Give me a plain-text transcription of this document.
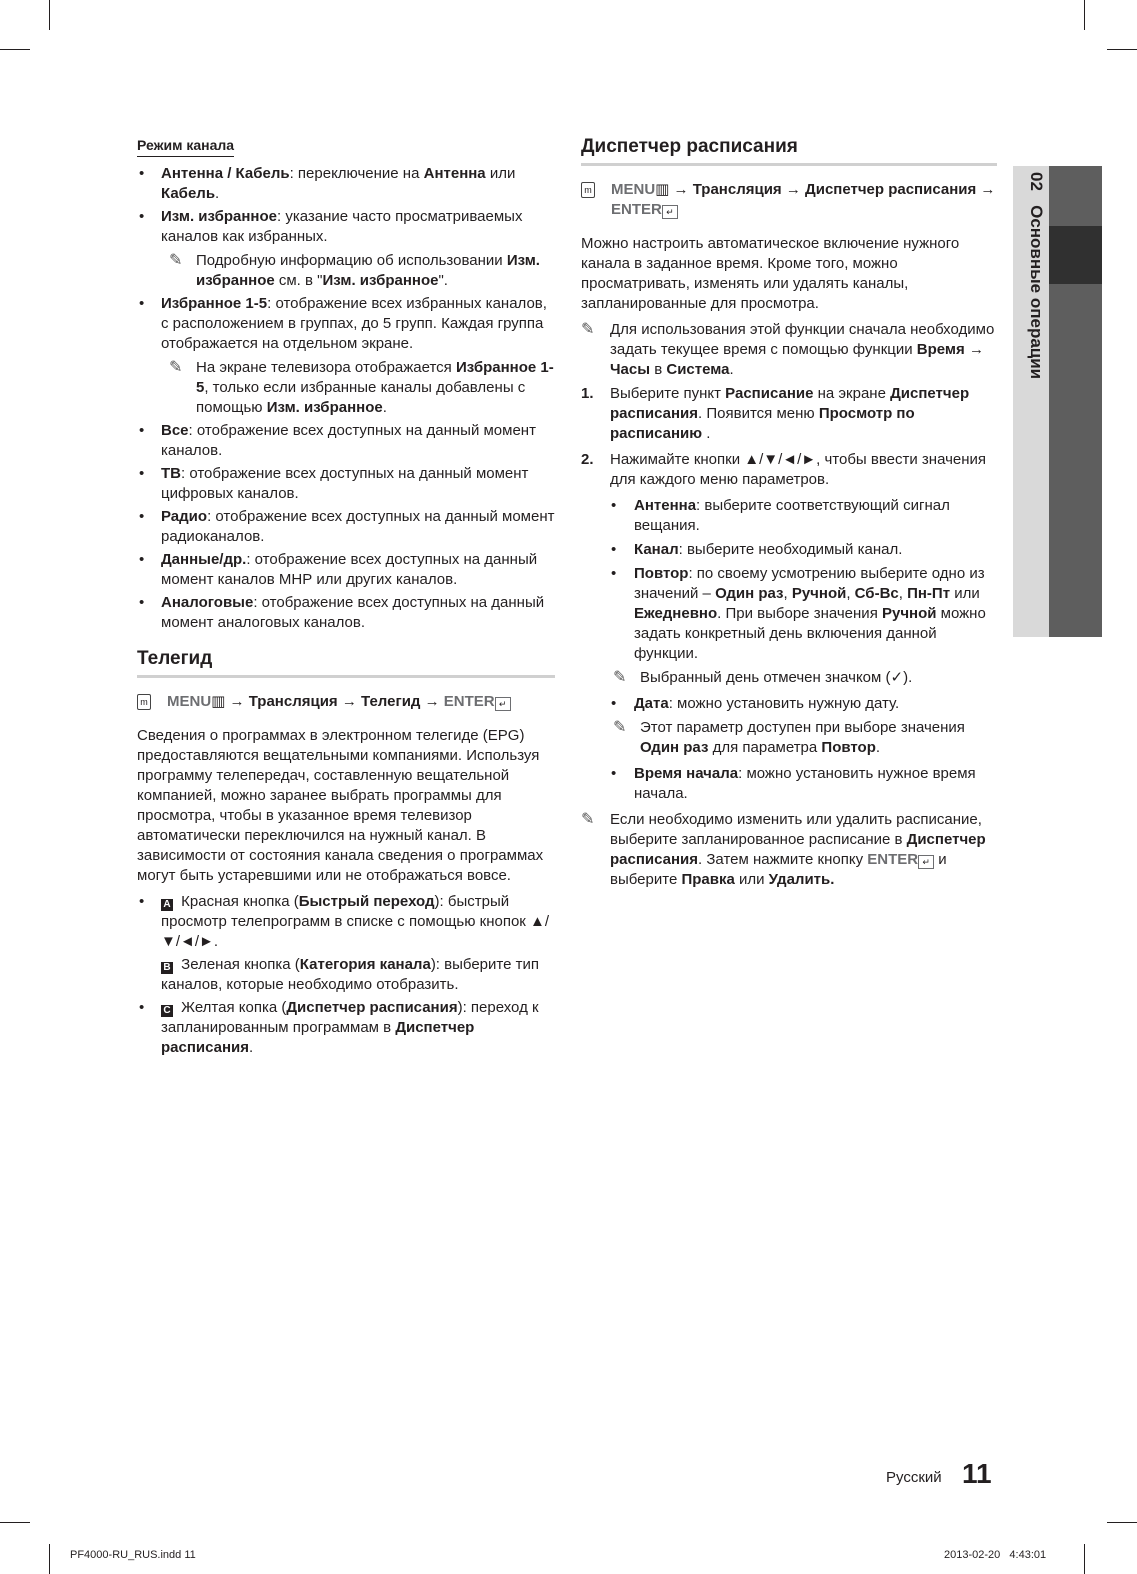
Режим канала
• Антенна / Кабель: переключение на Антенна или Кабель.
• Изм. избранное: указание часто просматриваемых каналов как избранных.
✎ Подробную информацию об использовании Изм. избранное см. в "Изм. избранное".
• Избранное 1-5: отображение всех избранных каналов, с расположением в группах, до 5 групп. Каждая группа отображается на отдельном экране.
✎ На экране телевизора отображается Избранное 1-5, только если избранные каналы добавлены с помощью Изм. избранное.
• Все: отображение всех доступных на данный момент каналов.
• ТВ: отображение всех доступных на данный момент цифровых каналов.
• Радио: отображение всех доступных на данный момент радиоканалов.
• Данные/др.: отображение всех доступных на данный момент каналов МНР или других каналов.
• Аналоговые: отображение всех доступных на данный момент аналоговых каналов.
Телегид
m MENU▥ → Трансляция → Телегид → ENTER ↵
Сведения о программах в электронном телегиде (EPG) предоставляются вещательными компаниями. Используя программу телепередач, составленную вещательной компанией, можно заранее выбрать программы для просмотра, чтобы в указанное время телевизор автоматически переключился на нужный канал. В зависимости от состояния канала сведения о программах могут быть устаревшими или не отображаться вовсе.
• A Красная кнопка (Быстрый переход): быстрый просмотр телепрограмм в списке с помощью кнопок ▲/▼/◄/►.
B Зеленая кнопка (Категория канала): выберите тип каналов, которые необходимо отобразить.
• C Желтая копка (Диспетчер расписания): переход к запланированным программам в Диспетчер расписания.
Диспетчер расписания
m MENU▥ → Трансляция → Диспетчер расписания → ENTER ↵
Можно настроить автоматическое включение нужного канала в заданное время. Кроме того, можно просматривать, изменять или удалять каналы, запланированные для просмотра.
✎ Для использования этой функции сначала необходимо задать текущее время с помощью функции Время → Часы в Система.
1. Выберите пункт Расписание на экране Диспетчер расписания. Появится меню Просмотр по расписанию .
2. Нажимайте кнопки ▲/▼/◄/►, чтобы ввести значения для каждого меню параметров.
• Антенна: выберите соответствующий сигнал вещания.
• Канал: выберите необходимый канал.
• Повтор: по своему усмотрению выберите одно из значений – Один раз, Ручной, Сб-Вс, Пн-Пт или Ежедневно. При выборе значения Ручной можно задать конкретный день включения данной функции.
✎ Выбранный день отмечен значком (✓).
• Дата: можно установить нужную дату.
✎ Этот параметр доступен при выборе значения Один раз для параметра Повтор.
• Время начала: можно установить нужное время начала.
✎ Если необходимо изменить или удалить расписание, выберите запланированное расписание в Диспетчер расписания. Затем нажмите кнопку ENTER ↵ и выберите Правка или Удалить.
02   Основные операции
Русский 11
PF4000-RU_RUS.indd 11	2013-02-20   4:43:01
